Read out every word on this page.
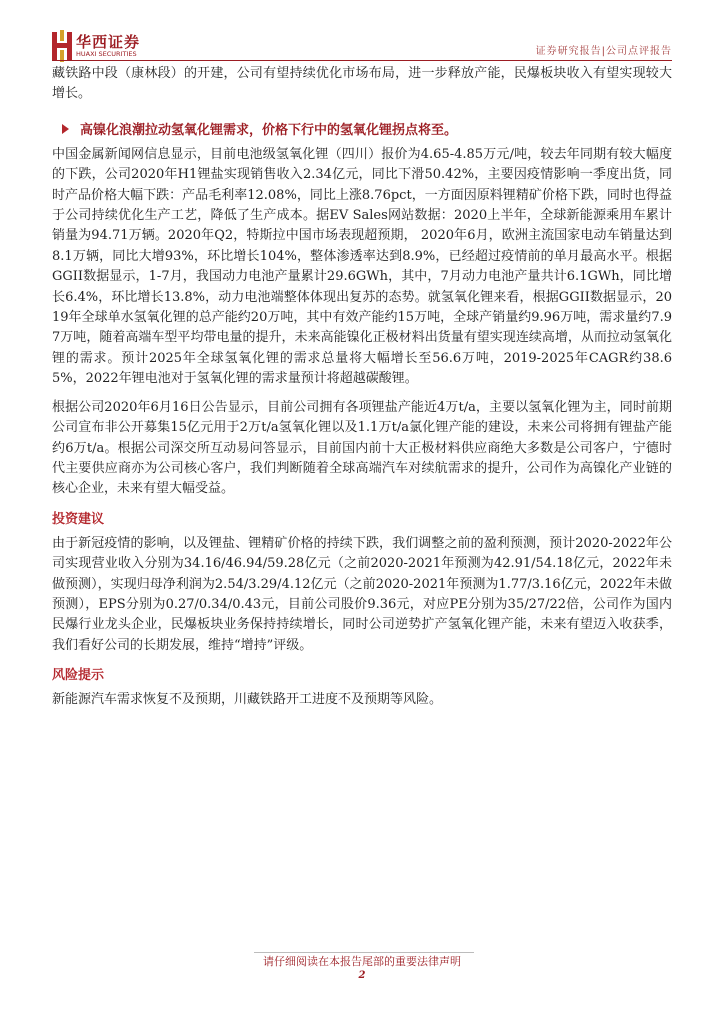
华西证券
HUAXI SECURITIES	证券研究报告|公司点评报告

藏铁路中段（康林段）的开建，公司有望持续优化市场布局，进一步释放产能，民爆板块收入有望实现较大增长。

高镍化浪潮拉动氢氧化锂需求，价格下行中的氢氧化锂拐点将至。

中国金属新闻网信息显示，目前电池级氢氧化锂（四川）报价为4.65-4.85万元/吨，较去年同期有较大幅度的下跌，公司2020年H1锂盐实现销售收入2.34亿元，同比下滑50.42%，主要因疫情影响一季度出货，同时产品价格大幅下跌：产品毛利率12.08%，同比上涨8.76pct，一方面因原料锂精矿价格下跌，同时也得益于公司持续优化生产工艺，降低了生产成本。据EV Sales网站数据：2020上半年，全球新能源乘用车累计销量为94.71万辆。2020年Q2，特斯拉中国市场表现超预期， 2020年6月，欧洲主流国家电动车销量达到8.1万辆，同比大增93%，环比增长104%，整体渗透率达到8.9%，已经超过疫情前的单月最高水平。根据GGII数据显示，1-7月，我国动力电池产量累计29.6GWh，其中，7月动力电池产量共计6.1GWh，同比增长6.4%，环比增长13.8%，动力电池端整体体现出复苏的态势。就氢氧化锂来看，根据GGII数据显示，2019年全球单水氢氧化锂的总产能约20万吨，其中有效产能约15万吨，全球产销量约9.96万吨，需求量约7.97万吨，随着高端车型平均带电量的提升，未来高能镍化正极材料出货量有望实现连续高增，从而拉动氢氧化锂的需求。预计2025年全球氢氧化锂的需求总量将大幅增长至56.6万吨，2019-2025年CAGR约38.65%，2022年锂电池对于氢氧化锂的需求量预计将超越碳酸锂。

根据公司2020年6月16日公告显示，目前公司拥有各项锂盐产能近4万t/a，主要以氢氧化锂为主，同时前期公司宣布非公开募集15亿元用于2万t/a氢氧化锂以及1.1万t/a氯化锂产能的建设，未来公司将拥有锂盐产能约6万t/a。根据公司深交所互动易问答显示，目前国内前十大正极材料供应商绝大多数是公司客户，宁德时代主要供应商亦为公司核心客户，我们判断随着全球高端汽车对续航需求的提升，公司作为高镍化产业链的核心企业，未来有望大幅受益。

投资建议

由于新冠疫情的影响，以及锂盐、锂精矿价格的持续下跌，我们调整之前的盈利预测，预计2020-2022年公司实现营业收入分别为34.16/46.94/59.28亿元（之前2020-2021年预测为42.91/54.18亿元，2022年未做预测），实现归母净利润为2.54/3.29/4.12亿元（之前2020-2021年预测为1.77/3.16亿元，2022年未做预测），EPS分别为0.27/0.34/0.43元，目前公司股价9.36元，对应PE分别为35/27/22倍，公司作为国内民爆行业龙头企业，民爆板块业务保持持续增长，同时公司逆势扩产氢氧化锂产能，未来有望迈入收获季，我们看好公司的长期发展，维持“增持”评级。

风险提示

新能源汽车需求恢复不及预期，川藏铁路开工进度不及预期等风险。

请仔细阅读在本报告尾部的重要法律声明
2
